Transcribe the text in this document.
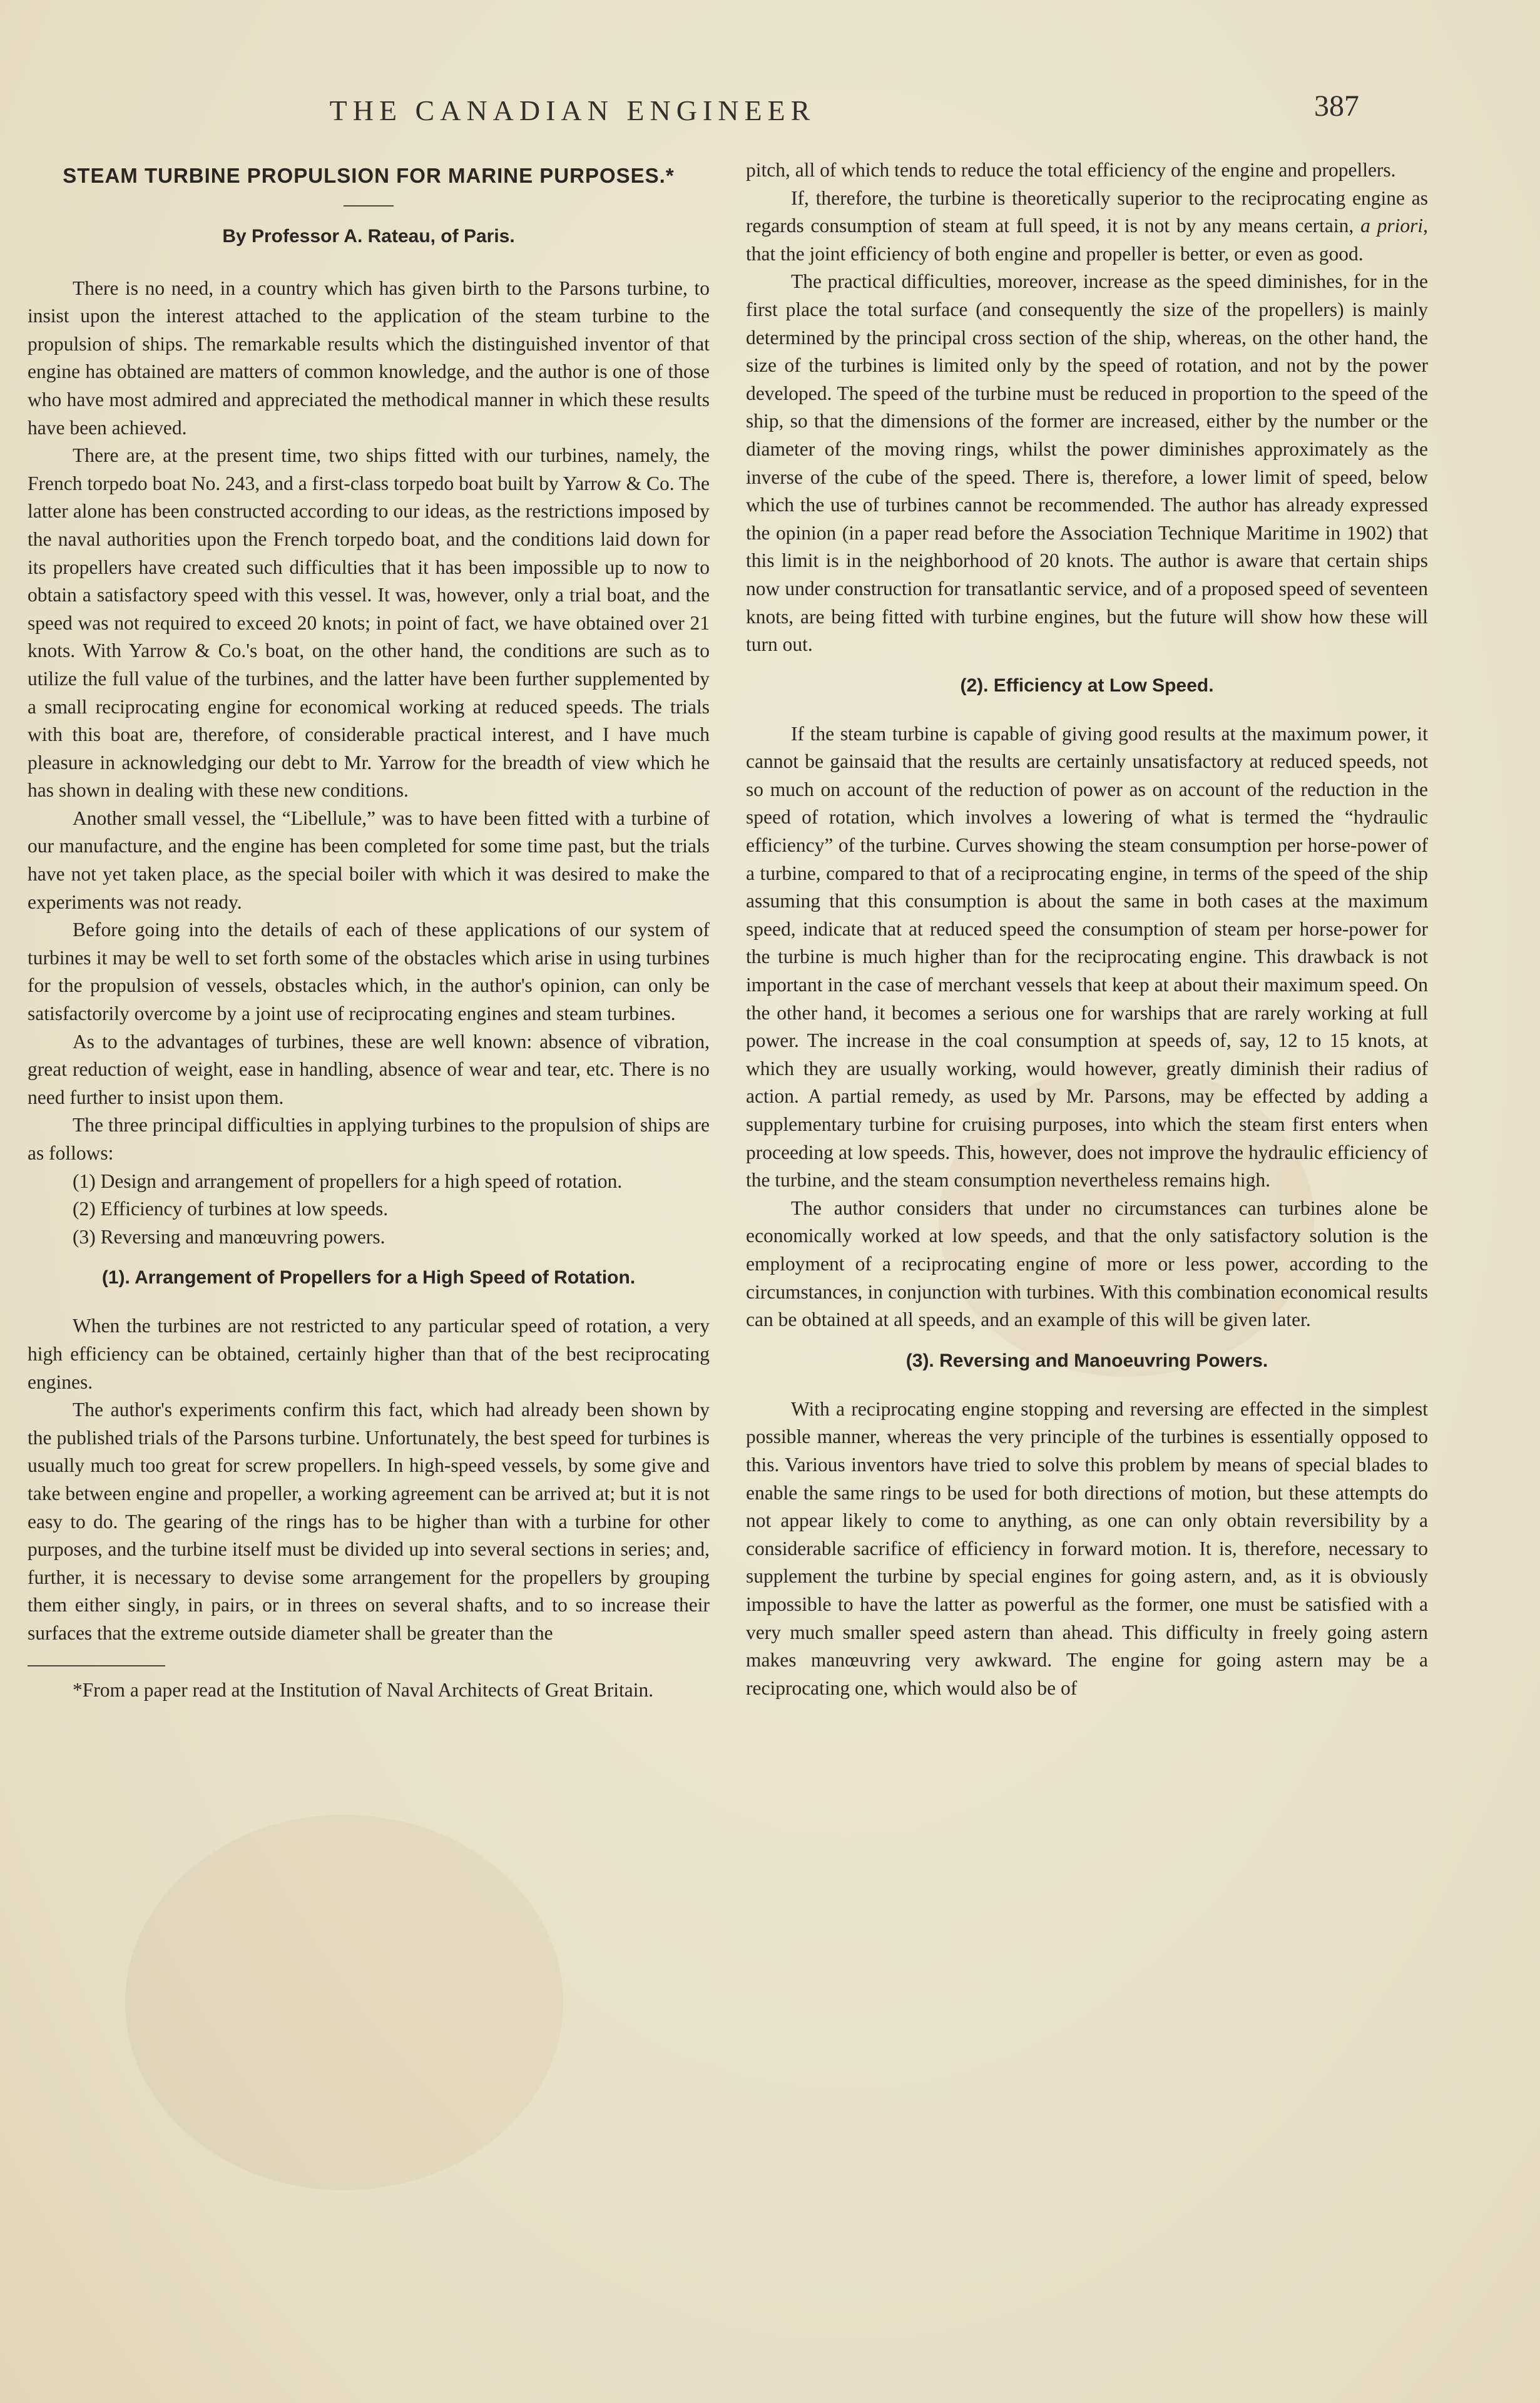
THE CANADIAN ENGINEER	387
STEAM TURBINE PROPULSION FOR MARINE PURPOSES.*
By Professor A. Rateau, of Paris.

There is no need, in a country which has given birth to the Parsons turbine, to insist upon the interest attached to the application of the steam turbine to the propulsion of ships. The remarkable results which the distinguished inventor of that engine has obtained are matters of common knowledge, and the author is one of those who have most admired and appreciated the methodical manner in which these results have been achieved.

There are, at the present time, two ships fitted with our turbines, namely, the French torpedo boat No. 243, and a first-class torpedo boat built by Yarrow & Co. The latter alone has been constructed according to our ideas, as the restrictions imposed by the naval authorities upon the French torpedo boat, and the conditions laid down for its propellers have created such difficulties that it has been impossible up to now to obtain a satisfactory speed with this vessel. It was, however, only a trial boat, and the speed was not required to exceed 20 knots; in point of fact, we have obtained over 21 knots. With Yarrow & Co.'s boat, on the other hand, the conditions are such as to utilize the full value of the turbines, and the latter have been further supplemented by a small reciprocating engine for economical working at reduced speeds. The trials with this boat are, therefore, of considerable practical interest, and I have much pleasure in acknowledging our debt to Mr. Yarrow for the breadth of view which he has shown in dealing with these new conditions.

Another small vessel, the “Libellule,” was to have been fitted with a turbine of our manufacture, and the engine has been completed for some time past, but the trials have not yet taken place, as the special boiler with which it was desired to make the experiments was not ready.

Before going into the details of each of these applications of our system of turbines it may be well to set forth some of the obstacles which arise in using turbines for the propulsion of vessels, obstacles which, in the author's opinion, can only be satisfactorily overcome by a joint use of reciprocating engines and steam turbines.

As to the advantages of turbines, these are well known: absence of vibration, great reduction of weight, ease in handling, absence of wear and tear, etc. There is no need further to insist upon them.

The three principal difficulties in applying turbines to the propulsion of ships are as follows:

(1) Design and arrangement of propellers for a high speed of rotation.

(2) Efficiency of turbines at low speeds.

(3) Reversing and manœuvring powers.

(1). Arrangement of Propellers for a High Speed of Rotation.

When the turbines are not restricted to any particular speed of rotation, a very high efficiency can be obtained, certainly higher than that of the best reciprocating engines.

The author's experiments confirm this fact, which had already been shown by the published trials of the Parsons turbine. Unfortunately, the best speed for turbines is usually much too great for screw propellers. In high-speed vessels, by some give and take between engine and propeller, a working agreement can be arrived at; but it is not easy to do. The gearing of the rings has to be higher than with a turbine for other purposes, and the turbine itself must be divided up into several sections in series; and, further, it is necessary to devise some arrangement for the propellers by grouping them either singly, in pairs, or in threes on several shafts, and to so increase their surfaces that the extreme outside diameter shall be greater than the

*From a paper read at the Institution of Naval Architects of Great Britain.

pitch, all of which tends to reduce the total efficiency of the engine and propellers.

If, therefore, the turbine is theoretically superior to the reciprocating engine as regards consumption of steam at full speed, it is not by any means certain, a priori, that the joint efficiency of both engine and propeller is better, or even as good.

The practical difficulties, moreover, increase as the speed diminishes, for in the first place the total surface (and consequently the size of the propellers) is mainly determined by the principal cross section of the ship, whereas, on the other hand, the size of the turbines is limited only by the speed of rotation, and not by the power developed. The speed of the turbine must be reduced in proportion to the speed of the ship, so that the dimensions of the former are increased, either by the number or the diameter of the moving rings, whilst the power diminishes approximately as the inverse of the cube of the speed. There is, therefore, a lower limit of speed, below which the use of turbines cannot be recommended. The author has already expressed the opinion (in a paper read before the Association Technique Maritime in 1902) that this limit is in the neighborhood of 20 knots. The author is aware that certain ships now under construction for transatlantic service, and of a proposed speed of seventeen knots, are being fitted with turbine engines, but the future will show how these will turn out.

(2). Efficiency at Low Speed.

If the steam turbine is capable of giving good results at the maximum power, it cannot be gainsaid that the results are certainly unsatisfactory at reduced speeds, not so much on account of the reduction of power as on account of the reduction in the speed of rotation, which involves a lowering of what is termed the “hydraulic efficiency” of the turbine. Curves showing the steam consumption per horse-power of a turbine, compared to that of a reciprocating engine, in terms of the speed of the ship assuming that this consumption is about the same in both cases at the maximum speed, indicate that at reduced speed the consumption of steam per horse-power for the turbine is much higher than for the reciprocating engine. This drawback is not important in the case of merchant vessels that keep at about their maximum speed. On the other hand, it becomes a serious one for warships that are rarely working at full power. The increase in the coal consumption at speeds of, say, 12 to 15 knots, at which they are usually working, would however, greatly diminish their radius of action. A partial remedy, as used by Mr. Parsons, may be effected by adding a supplementary turbine for cruising purposes, into which the steam first enters when proceeding at low speeds. This, however, does not improve the hydraulic efficiency of the turbine, and the steam consumption nevertheless remains high.

The author considers that under no circumstances can turbines alone be economically worked at low speeds, and that the only satisfactory solution is the employment of a reciprocating engine of more or less power, according to the circumstances, in conjunction with turbines. With this combination economical results can be obtained at all speeds, and an example of this will be given later.

(3). Reversing and Manoeuvring Powers.

With a reciprocating engine stopping and reversing are effected in the simplest possible manner, whereas the very principle of the turbines is essentially opposed to this. Various inventors have tried to solve this problem by means of special blades to enable the same rings to be used for both directions of motion, but these attempts do not appear likely to come to anything, as one can only obtain reversibility by a considerable sacrifice of efficiency in forward motion. It is, therefore, necessary to supplement the turbine by special engines for going astern, and, as it is obviously impossible to have the latter as powerful as the former, one must be satisfied with a very much smaller speed astern than ahead. This difficulty in freely going astern makes manœuvring very awkward. The engine for going astern may be a reciprocating one, which would also be of
